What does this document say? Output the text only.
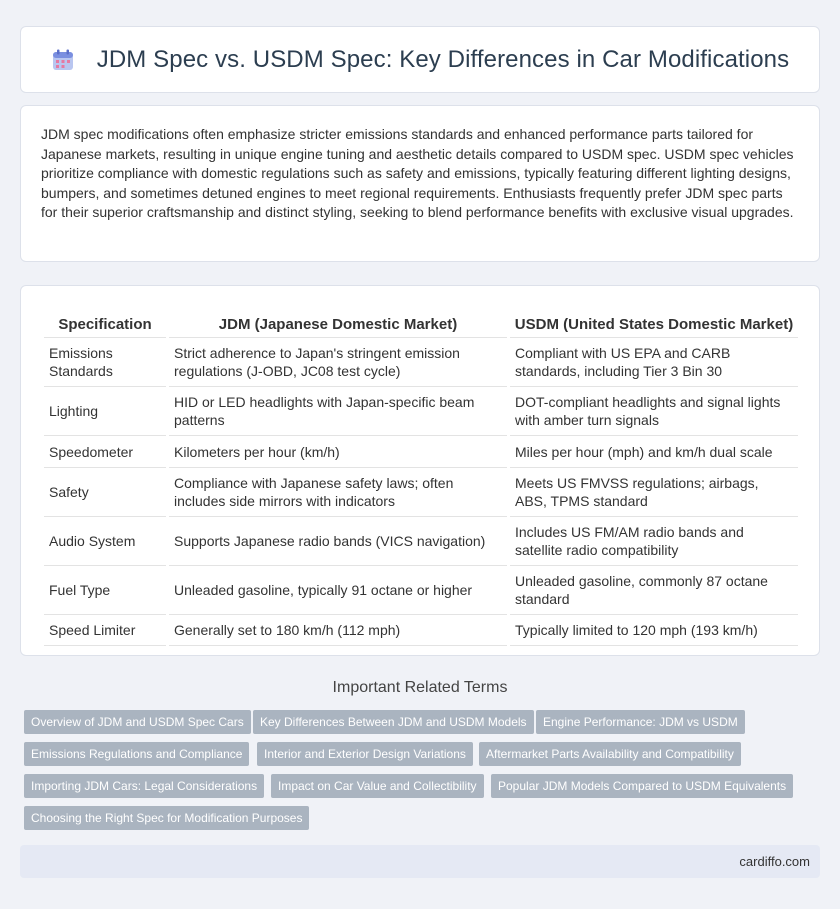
JDM Spec vs. USDM Spec: Key Differences in Car Modifications

JDM spec modifications often emphasize stricter emissions standards and enhanced performance parts tailored for Japanese markets, resulting in unique engine tuning and aesthetic details compared to USDM spec. USDM spec vehicles prioritize compliance with domestic regulations such as safety and emissions, typically featuring different lighting designs, bumpers, and sometimes detuned engines to meet regional requirements. Enthusiasts frequently prefer JDM spec parts for their superior craftsmanship and distinct styling, seeking to blend performance benefits with exclusive visual upgrades.

Specification	JDM (Japanese Domestic Market)	USDM (United States Domestic Market)
Emissions Standards	Strict adherence to Japan's stringent emission regulations (J-OBD, JC08 test cycle)	Compliant with US EPA and CARB standards, including Tier 3 Bin 30
Lighting	HID or LED headlights with Japan-specific beam patterns	DOT-compliant headlights and signal lights with amber turn signals
Speedometer	Kilometers per hour (km/h)	Miles per hour (mph) and km/h dual scale
Safety	Compliance with Japanese safety laws; often includes side mirrors with indicators	Meets US FMVSS regulations; airbags, ABS, TPMS standard
Audio System	Supports Japanese radio bands (VICS navigation)	Includes US FM/AM radio bands and satellite radio compatibility
Fuel Type	Unleaded gasoline, typically 91 octane or higher	Unleaded gasoline, commonly 87 octane standard
Speed Limiter	Generally set to 180 km/h (112 mph)	Typically limited to 120 mph (193 km/h)
Important Related Terms
Overview of JDM and USDM Spec Cars	Key Differences Between JDM and USDM Models	Engine Performance: JDM vs USDM
Emissions Regulations and Compliance	Interior and Exterior Design Variations	Aftermarket Parts Availability and Compatibility
Importing JDM Cars: Legal Considerations	Impact on Car Value and Collectibility	Popular JDM Models Compared to USDM Equivalents
Choosing the Right Spec for Modification Purposes
cardiffo.com
